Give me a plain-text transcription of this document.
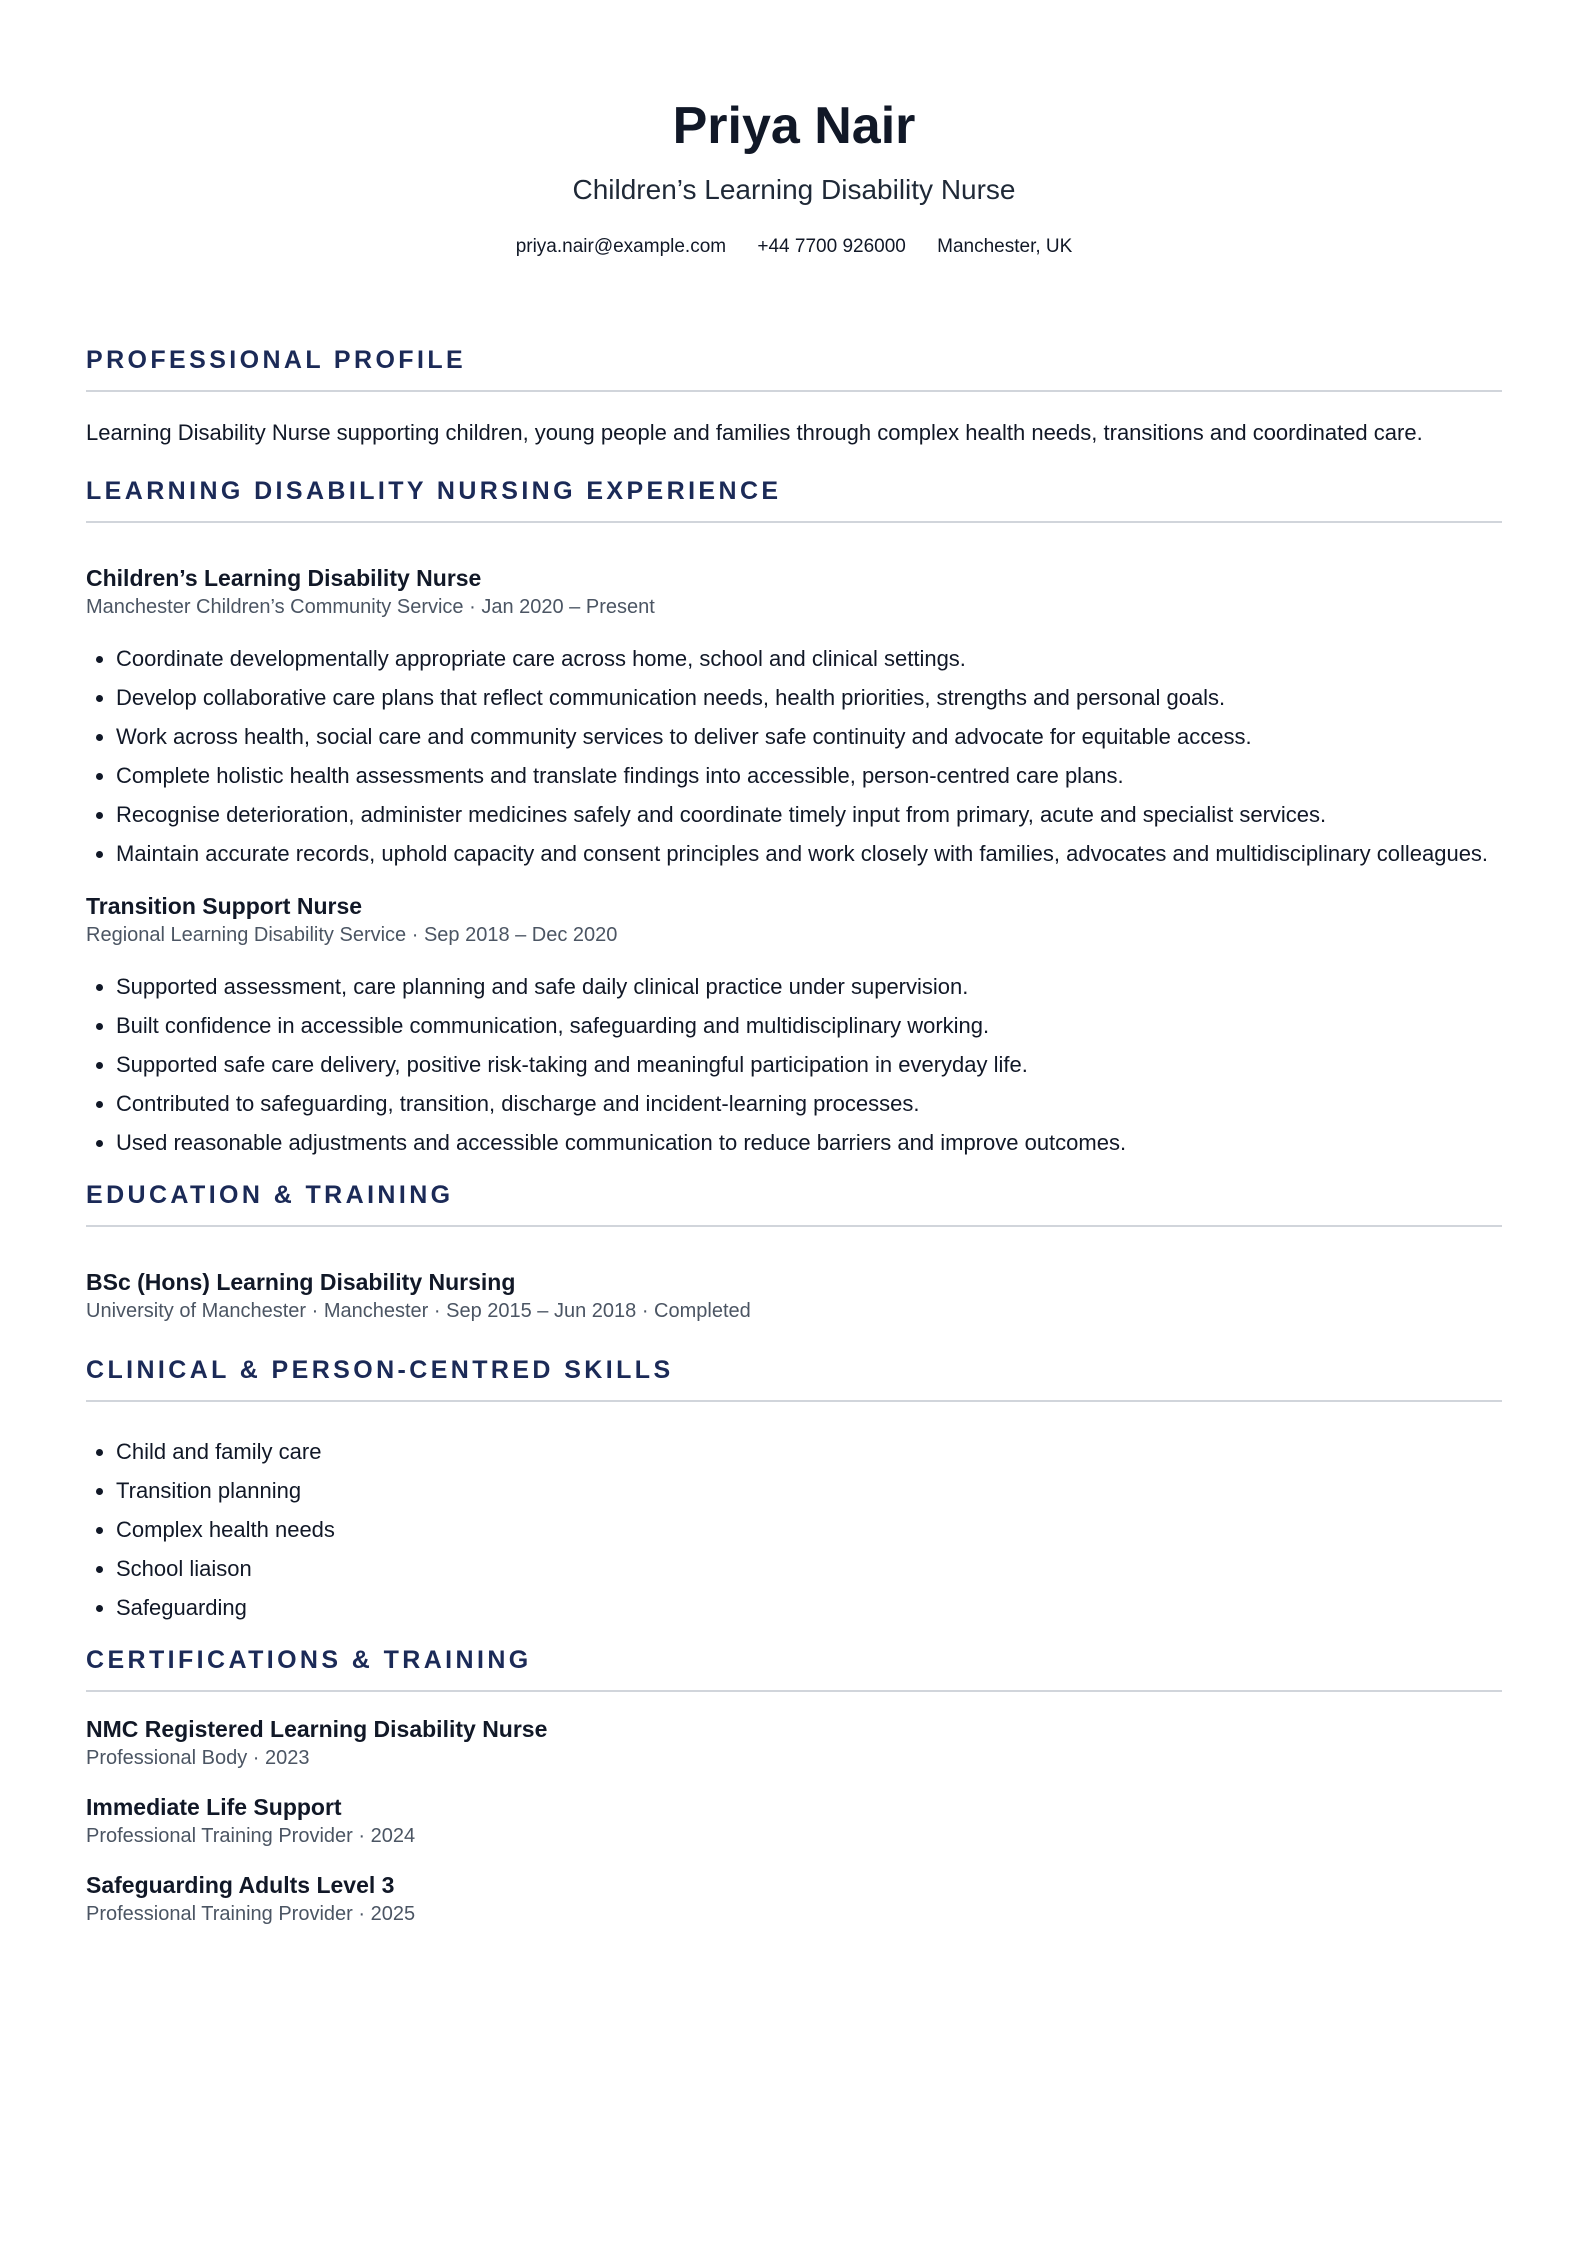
Priya Nair
Children’s Learning Disability Nurse
priya.nair@example.com +44 7700 926000 Manchester, UK
PROFESSIONAL PROFILE
Learning Disability Nurse supporting children, young people and families through complex health needs, transitions and coordinated care.
LEARNING DISABILITY NURSING EXPERIENCE
Children’s Learning Disability Nurse
Manchester Children’s Community Service · Jan 2020 – Present
• Coordinate developmentally appropriate care across home, school and clinical settings.
• Develop collaborative care plans that reflect communication needs, health priorities, strengths and personal goals.
• Work across health, social care and community services to deliver safe continuity and advocate for equitable access.
• Complete holistic health assessments and translate findings into accessible, person-centred care plans.
• Recognise deterioration, administer medicines safely and coordinate timely input from primary, acute and specialist services.
• Maintain accurate records, uphold capacity and consent principles and work closely with families, advocates and multidisciplinary colleagues.
Transition Support Nurse
Regional Learning Disability Service · Sep 2018 – Dec 2020
• Supported assessment, care planning and safe daily clinical practice under supervision.
• Built confidence in accessible communication, safeguarding and multidisciplinary working.
• Supported safe care delivery, positive risk-taking and meaningful participation in everyday life.
• Contributed to safeguarding, transition, discharge and incident-learning processes.
• Used reasonable adjustments and accessible communication to reduce barriers and improve outcomes.
EDUCATION & TRAINING
BSc (Hons) Learning Disability Nursing
University of Manchester · Manchester · Sep 2015 – Jun 2018 · Completed
CLINICAL & PERSON-CENTRED SKILLS
• Child and family care
• Transition planning
• Complex health needs
• School liaison
• Safeguarding
CERTIFICATIONS & TRAINING
NMC Registered Learning Disability Nurse
Professional Body · 2023
Immediate Life Support
Professional Training Provider · 2024
Safeguarding Adults Level 3
Professional Training Provider · 2025
